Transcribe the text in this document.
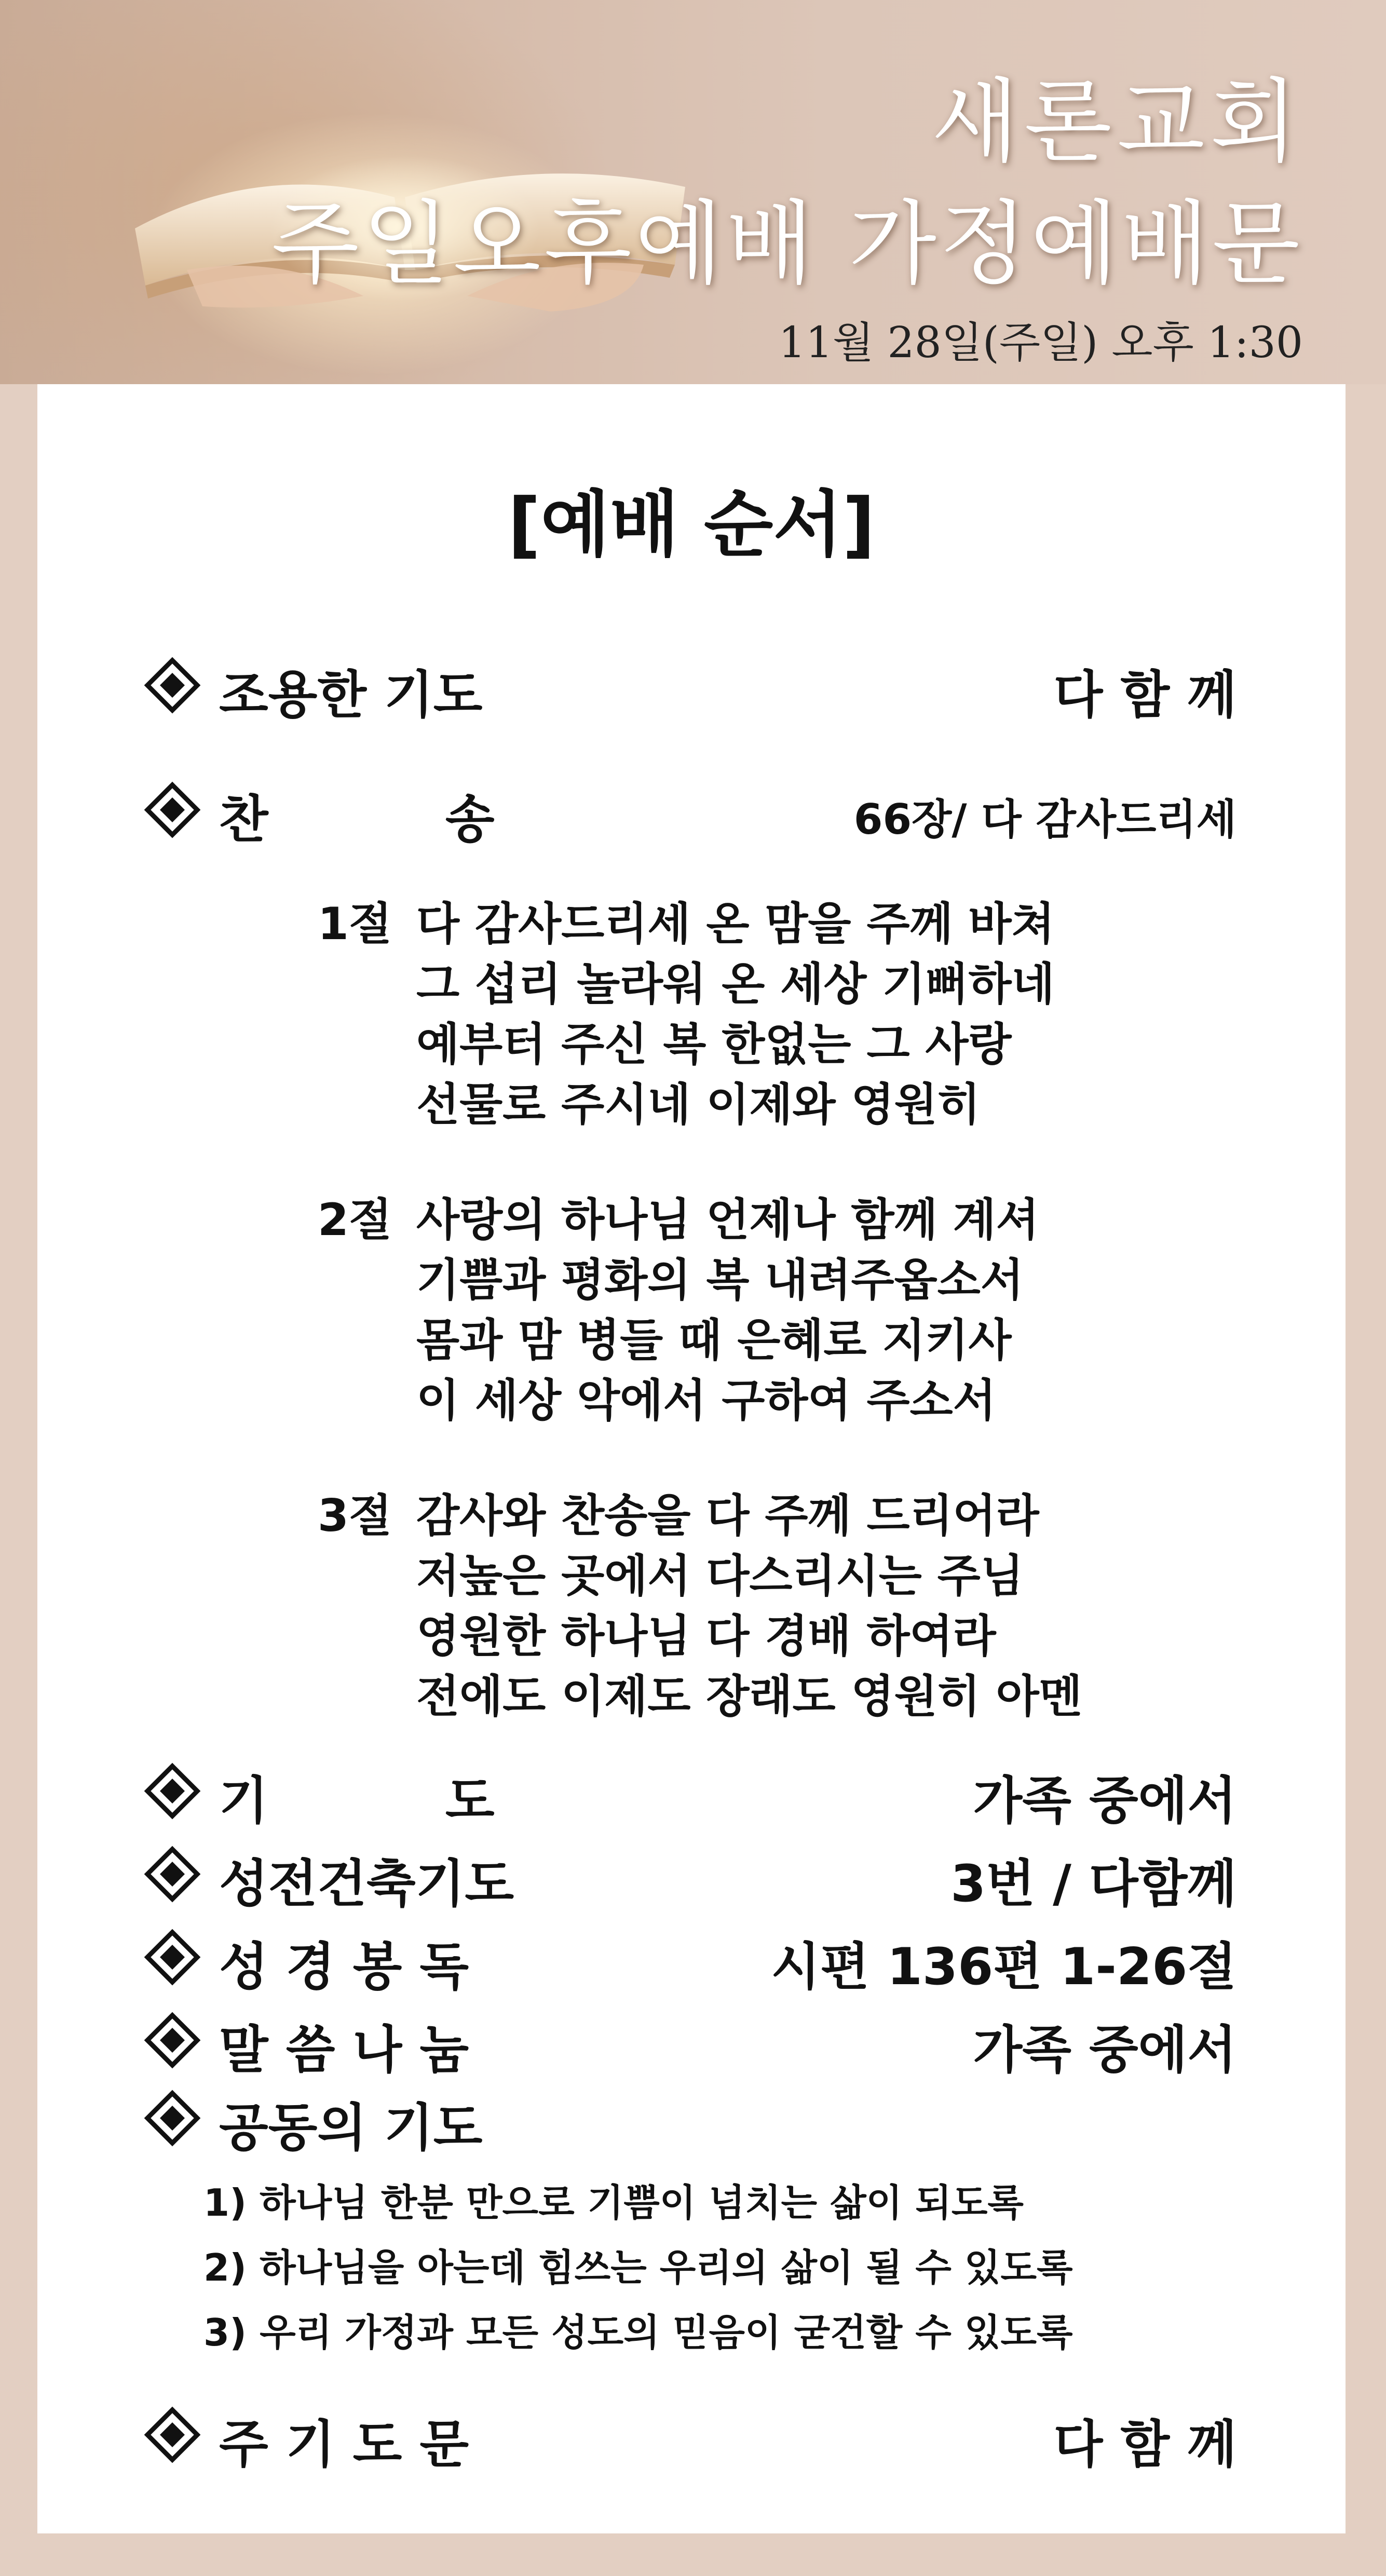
새론교회
주일오후예배 가정예배문
11월 28일(주일) 오후 1:30
[예배 순서]
조용한 기도	다 함 께
찬          송	66장/ 다 감사드리세
1절 다 감사드리세 온 맘을 주께 바쳐
그 섭리 놀라워 온 세상 기뻐하네
예부터 주신 복 한없는 그 사랑
선물로 주시네 이제와 영원히
2절 사랑의 하나님 언제나 함께 계셔
기쁨과 평화의 복 내려주옵소서
몸과 맘 병들 때 은혜로 지키사
이 세상 악에서 구하여 주소서
3절 감사와 찬송을 다 주께 드리어라
저높은 곳에서 다스리시는 주님
영원한 하나님 다 경배 하여라
전에도 이제도 장래도 영원히 아멘
기          도	가족 중에서
성전건축기도	3번 / 다함께
성 경 봉 독	시편 136편 1-26절
말 씀 나 눔	가족 중에서
공동의 기도
1) 하나님 한분 만으로 기쁨이 넘치는 삶이 되도록
2) 하나님을 아는데 힘쓰는 우리의 삶이 될 수 있도록
3) 우리 가정과 모든 성도의 믿음이 굳건할 수 있도록
주 기 도 문	다 함 께
